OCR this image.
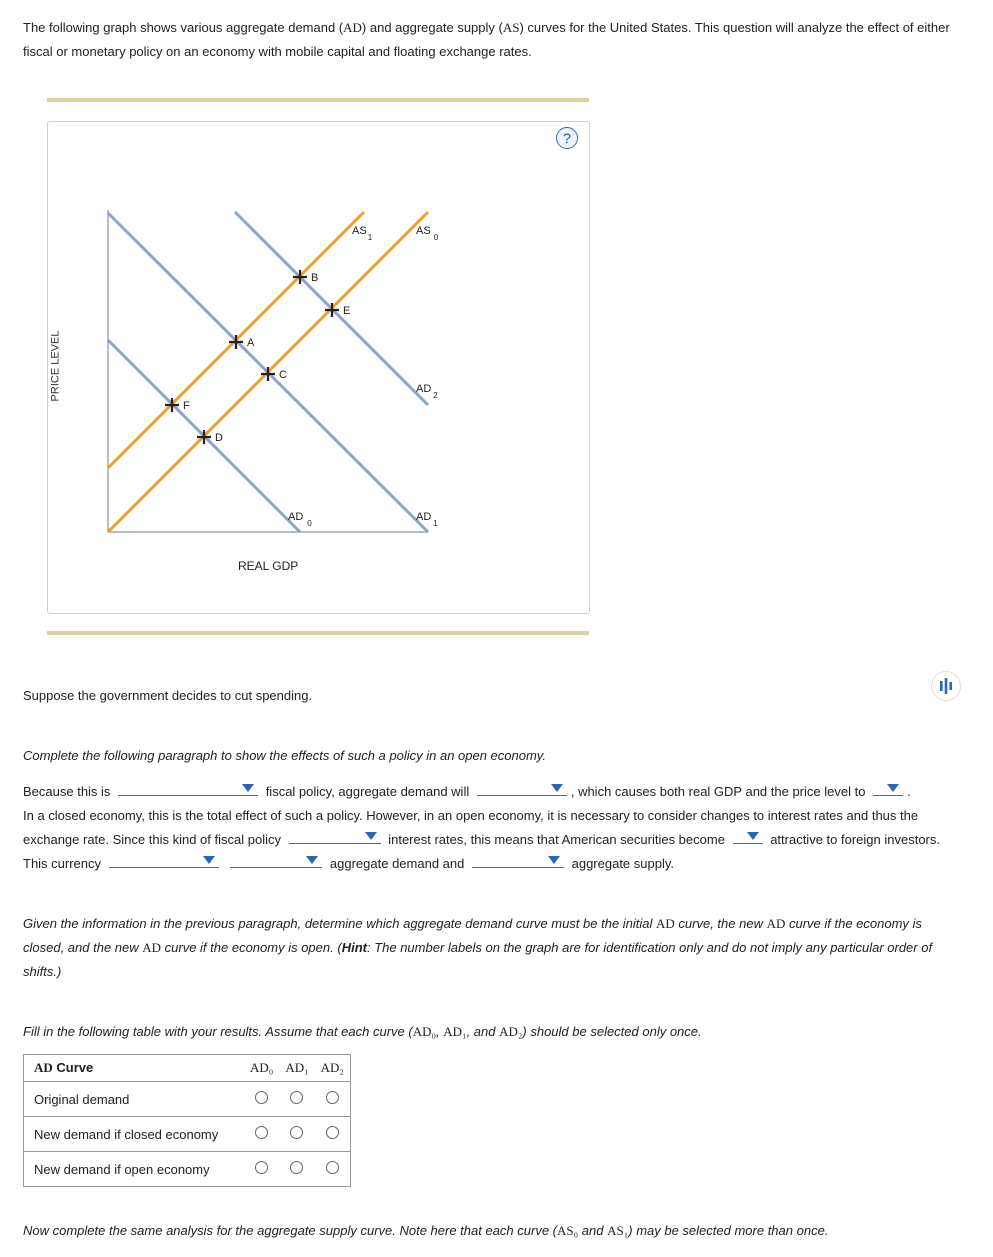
The following graph shows various aggregate demand (AD) and aggregate supply (AS) curves for the United States. This question will analyze the effect of either fiscal or monetary policy on an economy with mobile capital and floating exchange rates.
?
PRICE LEVEL
REAL GDP
A
B
C
D
E
F
$AS_1$
$AS_0$
$AD_2$
$AD_1$
$AD_0$
Suppose the government decides to cut spending.
Complete the following paragraph to show the effects of such a policy in an open economy.
Because this is	fiscal policy, aggregate demand will	, which causes both real GDP and the price level to	.
In a closed economy, this is the total effect of such a policy. However, in an open economy, it is necessary to consider changes to interest rates and thus the exchange rate. Since this kind of fiscal policy	interest rates, this means that American securities become	attractive to foreign investors. This currency	aggregate demand and	aggregate supply.
Given the information in the previous paragraph, determine which aggregate demand curve must be the initial AD curve, the new AD curve if the economy is closed, and the new AD curve if the economy is open. (Hint: The number labels on the graph are for identification only and do not imply any particular order of shifts.)
Fill in the following table with your results. Assume that each curve (AD₀, AD₁, and AD₂) should be selected only once.
AD Curve	AD₀	AD₁	AD₂
Original demand			
New demand if closed economy			
New demand if open economy			
Now complete the same analysis for the aggregate supply curve. Note here that each curve (AS₀ and AS₁) may be selected more than once.
